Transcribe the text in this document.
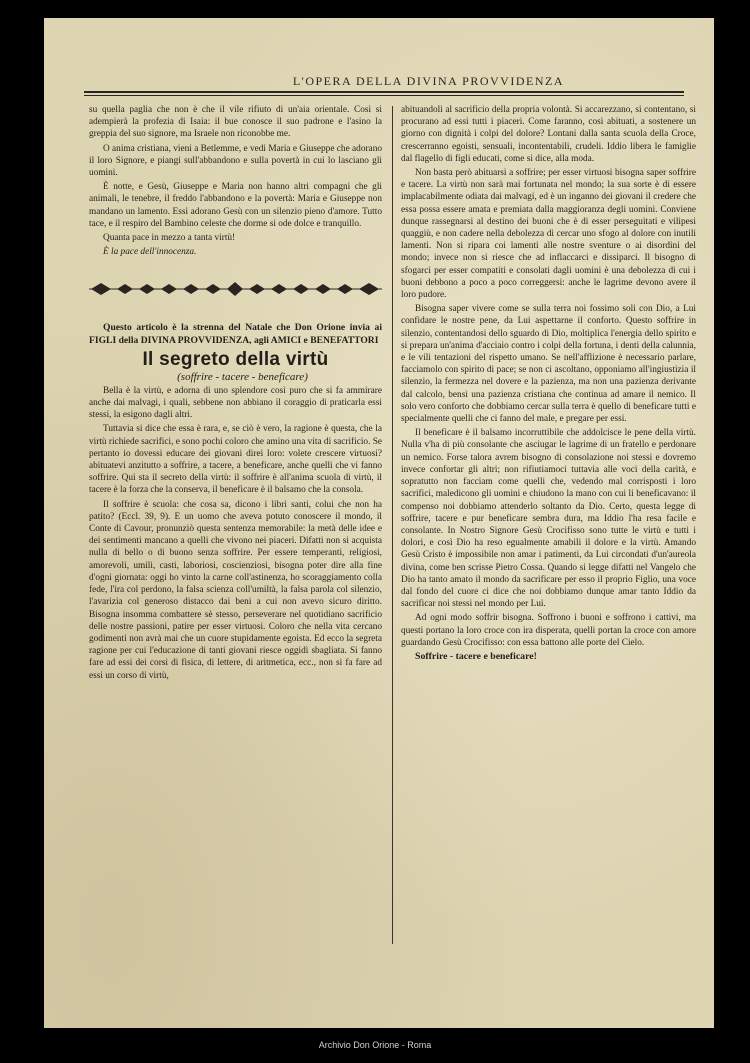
L'OPERA DELLA DIVINA PROVVIDENZA

su quella paglia che non è che il vile rifiuto di un'aia orientale. Così si adempierà la profezia di Isaia: il bue conosce il suo padrone e l'asino la greppia del suo signore, ma Israele non riconobbe me.

O anima cristiana, vieni a Betlemme, e vedi Maria e Giuseppe che adorano il loro Signore, e piangi sull'abbandono e sulla povertà in cui lo lasciano gli uomini.

È notte, e Gesù, Giuseppe e Maria non hanno altri compagni che gli animali, le tenebre, il freddo l'abbandono e la povertà: Maria e Giuseppe non mandano un lamento. Essi adorano Gesù con un silenzio pieno d'amore. Tutto tace, e il respiro del Bambino celeste che dorme si ode dolce e tranquillo.

Quanta pace in mezzo a tanta virtù!

È la pace dell'innocenza.

Questo articolo è la strenna del Natale che Don Orione invia ai FIGLI della DIVINA PROVVIDENZA, agli AMICI e BENEFATTORI

Il segreto della virtù

(soffrire - tacere - beneficare)

Bella è la virtù, e adorna di uno splendore così puro che si fa ammirare anche dai malvagi, i quali, sebbene non abbiano il coraggio di praticarla essi stessi, la esigono dagli altri.

Tuttavia si dice che essa è rara, e, se ciò è vero, la ragione è questa, che la virtù richiede sacrifici, e sono pochi coloro che amino una vita di sacrificio. Se pertanto io dovessi educare dei giovani direi loro: volete crescere virtuosi? abituatevi anzitutto a soffrire, a tacere, a beneficare, anche quelli che vi fanno soffrire. Qui sta il secreto della virtù: il soffrire è all'anima scuola di virtù, il tacere è la forza che la conserva, il beneficare è il balsamo che la consola.

Il soffrire è scuola: che cosa sa, dicono i libri santi, colui che non ha patito? (Eccl. 39, 9). E un uomo che aveva potuto conoscere il mondo, il Conte di Cavour, pronunziò questa sentenza memorabile: la metà delle idee e dei sentimenti mancano a quelli che vivono nei piaceri. Difatti non si acquista nulla di bello o di buono senza soffrire. Per essere temperanti, religiosi, amorevoli, umili, casti, laboriosi, coscienziosi, bisogna poter dire alla fine d'ogni giornata: oggi ho vinto la carne coll'astinenza, ho scoraggiamento colla fede, l'ira col perdono, la falsa scienza coll'umiltà, la falsa parola col silenzio, l'avarizia col generoso distacco dai beni a cui non avevo sicuro diritto. Bisogna insomma combattere sè stesso, perseverare nel quotidiano sacrificio delle nostre passioni, patire per esser virtuosi. Coloro che nella vita cercano godimenti non avrà mai che un cuore stupidamente egoista. Ed ecco la segreta ragione per cui l'educazione di tanti giovani riesce oggidì sbagliata. Si fanno fare ad essi dei corsi di fisica, di lettere, di aritmetica, ecc., non si fa fare ad essi un corso di virtù,

abituandoli al sacrificio della propria volontà. Si accarezzano, si contentano, si procurano ad essi tutti i piaceri. Come faranno, così abituati, a sostenere un giorno con dignità i colpi del dolore? Lontani dalla santa scuola della Croce, crescerranno egoisti, sensuali, incontentabili, crudeli. Iddio libera le famiglie dal flagello di figli educati, come si dice, alla moda.

Non basta però abituarsi a soffrire; per esser virtuosi bisogna saper soffrire e tacere. La virtù non sarà mai fortunata nel mondo; la sua sorte è di essere implacabilmente odiata dai malvagi, ed è un inganno dei giovani il credere che essa possa essere amata e premiata dalla maggioranza degli uomini. Conviene dunque rassegnarsi al destino dei buoni che è di esser perseguitati e vilipesi quaggiù, e non cadere nella debolezza di cercar uno sfogo al dolore con inutili lamenti. Non si ripara coi lamenti alle nostre sventure o ai disordini del mondo; invece non si riesce che ad inflaccarci e dissiparci. Il bisogno di sfogarci per esser compatiti e consolati dagli uomini è una debolezza di cui i buoni debbono a poco a poco correggersi: anche le lagrime devono avere il loro pudore.

Bisogna saper vivere come se sulla terra noi fossimo soli con Dio, a Lui confidare le nostre pene, da Lui aspettarne il conforto. Questo soffrire in silenzio, contentandosi dello sguardo di Dio, moltiplica l'energia dello spirito e si prepara un'anima d'acciaio contro i colpi della fortuna, i denti della calunnia, e le vili tentazioni del rispetto umano. Se nell'afflizione è necessario parlare, facciamolo con spirito di pace; se non ci ascoltano, opponiamo all'ingiustizia il silenzio, la fermezza nel dovere e la pazienza, ma non una pazienza derivante dal calcolo, bensì una pazienza cristiana che continua ad amare il nemico. Il solo vero conforto che dobbiamo cercar sulla terra è quello di beneficare tutti e specialmente quelli che ci fanno del male, e pregare per essi.

Il beneficare è il balsamo incorruttibile che addolcisce le pene della virtù. Nulla v'ha di più consolante che asciugar le lagrime di un fratello e perdonare un nemico. Forse talora avrem bisogno di consolazione noi stessi e dovremo invece confortar gli altri; non rifiutiamoci tuttavia alle voci della carità, e sopratutto non facciam come quelli che, vedendo mal corrisposti i loro sacrifici, maledicono gli uomini e chiudono la mano con cui li beneficavano: il compenso noi dobbiamo attenderlo soltanto da Dio. Certo, questa legge di soffrire, tacere e pur beneficare sembra dura, ma Iddio l'ha resa facile e consolante. In Nostro Signore Gesù Crocifisso sono tutte le virtù e tutti i dolori, e così Dio ha reso egualmente amabili il dolore e la virtù. Amando Gesù Cristo è impossibile non amar i patimenti, da Lui circondati d'un'aureola divina, come ben scrisse Pietro Cossa. Quando si legge difatti nel Vangelo che Dio ha tanto amato il mondo da sacrificare per esso il proprio Figlio, una voce dal fondo del cuore ci dice che noi dobbiamo dunque amar tanto Iddio da sacrificar noi stessi nel mondo per Lui.

Ad ogni modo soffrir bisogna. Soffrono i buoni e soffrono i cattivi, ma questi portano la loro croce con ira disperata, quelli portan la croce con amore guardando Gesù Crocifisso: con essa battono alle porte del Cielo.

Soffrire - tacere e beneficare!

Archivio Don Orione - Roma
